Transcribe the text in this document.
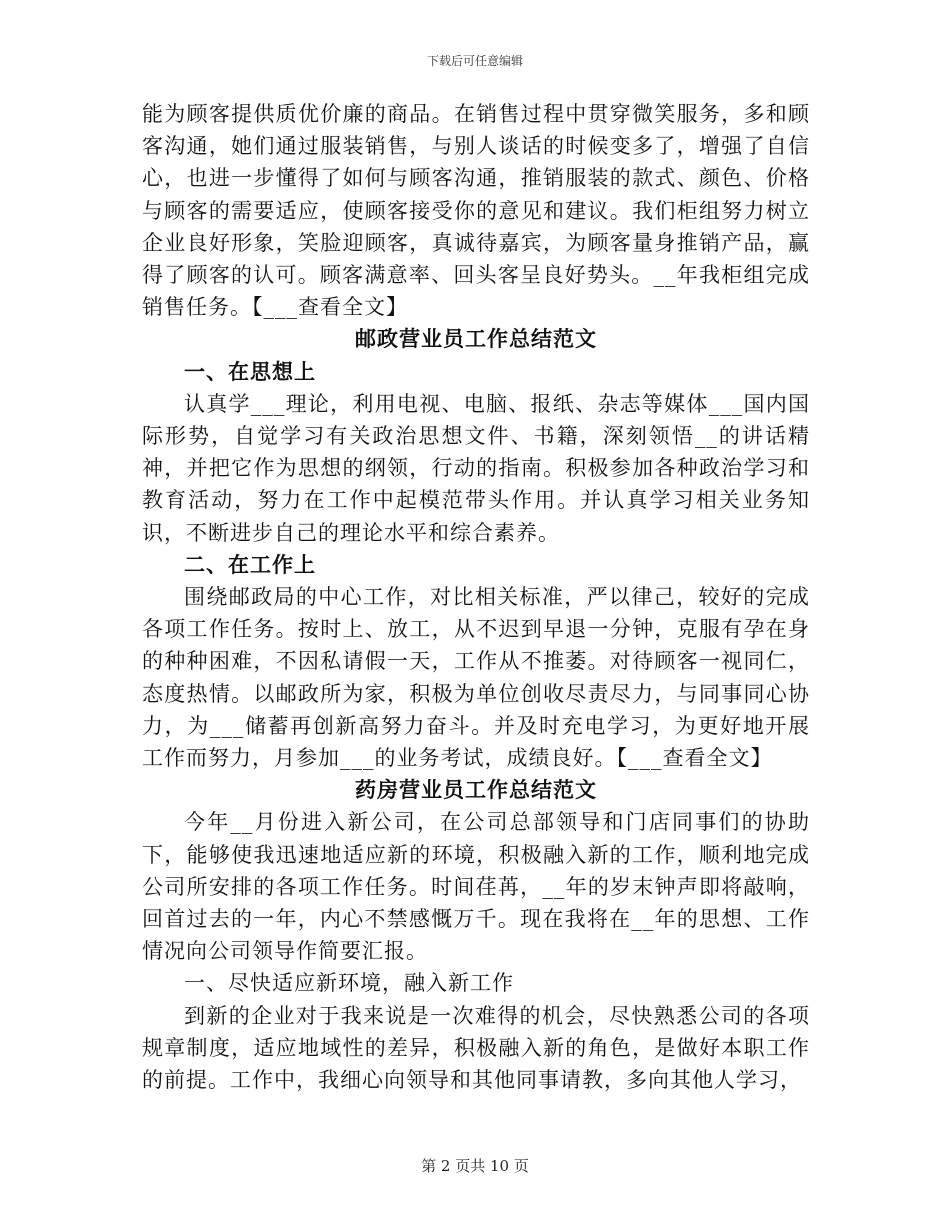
下载后可任意编辑

能为顾客提供质优价廉的商品。在销售过程中贯穿微笑服务，多和顾客沟通，她们通过服装销售，与别人谈话的时候变多了，增强了自信心，也进一步懂得了如何与顾客沟通，推销服装的款式、颜色、价格与顾客的需要适应，使顾客接受你的意见和建议。我们柜组努力树立企业良好形象，笑脸迎顾客，真诚待嘉宾，为顾客量身推销产品，赢得了顾客的认可。顾客满意率、回头客呈良好势头。__年我柜组完成销售任务。【___查看全文】

邮政营业员工作总结范文

一、在思想上

认真学___理论，利用电视、电脑、报纸、杂志等媒体___国内国际形势，自觉学习有关政治思想文件、书籍，深刻领悟__的讲话精神，并把它作为思想的纲领，行动的指南。积极参加各种政治学习和教育活动，努力在工作中起模范带头作用。并认真学习相关业务知识，不断进步自己的理论水平和综合素养。

二、在工作上

围绕邮政局的中心工作，对比相关标准，严以律己，较好的完成各项工作任务。按时上、放工，从不迟到早退一分钟，克服有孕在身的种种困难，不因私请假一天，工作从不推萎。对待顾客一视同仁，态度热情。以邮政所为家，积极为单位创收尽责尽力，与同事同心协力，为___储蓄再创新高努力奋斗。并及时充电学习，为更好地开展工作而努力，月参加___的业务考试，成绩良好。【___查看全文】

药房营业员工作总结范文

今年__月份进入新公司，在公司总部领导和门店同事们的协助下，能够使我迅速地适应新的环境，积极融入新的工作，顺利地完成公司所安排的各项工作任务。时间荏苒，__年的岁末钟声即将敲响，回首过去的一年，内心不禁感慨万千。现在我将在__年的思想、工作情况向公司领导作简要汇报。

一、尽快适应新环境，融入新工作

到新的企业对于我来说是一次难得的机会，尽快熟悉公司的各项规章制度，适应地域性的差异，积极融入新的角色，是做好本职工作的前提。工作中，我细心向领导和其他同事请教，多向其他人学习，

第 2 页共 10 页
